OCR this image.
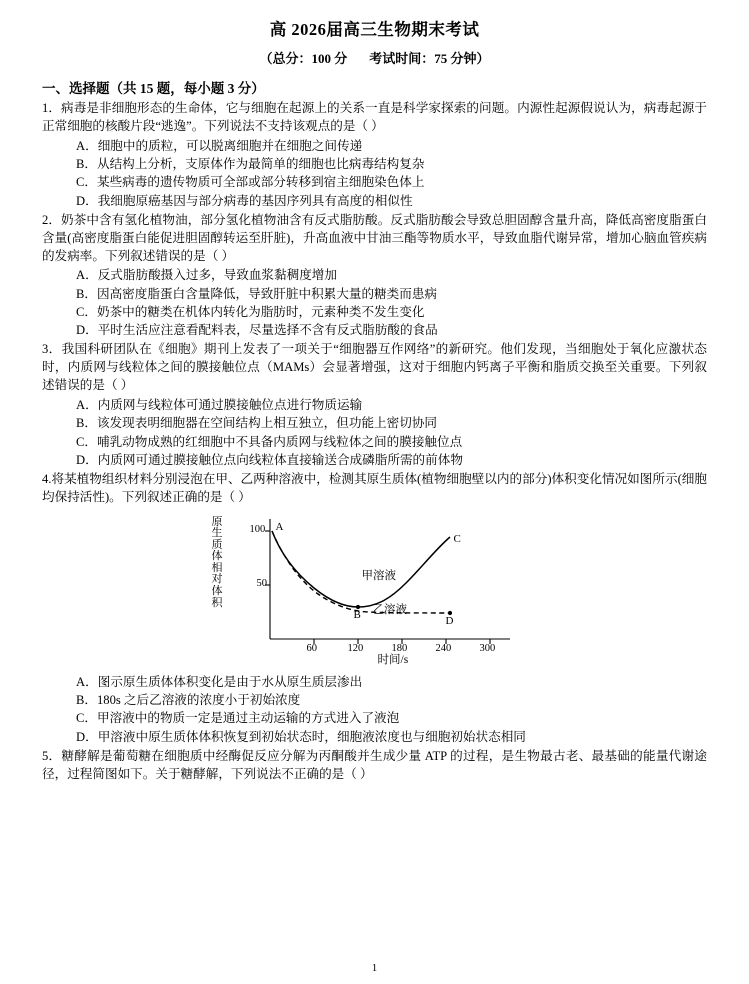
高 2026届高三生物期末考试
（总分：100 分 考试时间：75 分钟）
一、选择题（共 15 题，每小题 3 分）
1．病毒是非细胞形态的生命体，它与细胞在起源上的关系一直是科学家探索的问题。内源性起源假说认为，病毒起源于正常细胞的核酸片段“逃逸”。下列说法不支持该观点的是（ ）
A．细胞中的质粒，可以脱离细胞并在细胞之间传递
B．从结构上分析，支原体作为最简单的细胞也比病毒结构复杂
C．某些病毒的遗传物质可全部或部分转移到宿主细胞染色体上
D．我细胞原癌基因与部分病毒的基因序列具有高度的相似性
2．奶茶中含有氢化植物油，部分氢化植物油含有反式脂肪酸。反式脂肪酸会导致总胆固醇含量升高，降低高密度脂蛋白含量(高密度脂蛋白能促进胆固醇转运至肝脏)，升高血液中甘油三酯等物质水平，导致血脂代谢异常，增加心脑血管疾病的发病率。下列叙述错误的是（ ）
A．反式脂肪酸摄入过多，导致血浆黏稠度增加
B．因高密度脂蛋白含量降低，导致肝脏中积累大量的糖类而患病
C．奶茶中的糖类在机体内转化为脂肪时，元素种类不发生变化
D．平时生活应注意看配料表，尽量选择不含有反式脂肪酸的食品
3．我国科研团队在《细胞》期刊上发表了一项关于“细胞器互作网络”的新研究。他们发现，当细胞处于氧化应激状态时，内质网与线粒体之间的膜接触位点（MAMs）会显著增强，这对于细胞内钙离子平衡和脂质交换至关重要。下列叙述错误的是（ ）
A．内质网与线粒体可通过膜接触位点进行物质运输
B．该发现表明细胞器在空间结构上相互独立，但功能上密切协同
C．哺乳动物成熟的红细胞中不具备内质网与线粒体之间的膜接触位点
D．内质网可通过膜接触位点向线粒体直接输送合成磷脂所需的前体物
4.将某植物组织材料分别浸泡在甲、乙两种溶液中，检测其原生质体(植物细胞壁以内的部分)体积变化情况如图所示(细胞均保持活性)。下列叙述正确的是（ ）
原生质体相对体积
100
50
60	120	180	240	300
时间/s
甲溶液
乙溶液
A
B
C
D
A．图示原生质体体积变化是由于水从原生质层渗出
B．180s 之后乙溶液的浓度小于初始浓度
C．甲溶液中的物质一定是通过主动运输的方式进入了液泡
D．甲溶液中原生质体体积恢复到初始状态时，细胞液浓度也与细胞初始状态相同
5．糖酵解是葡萄糖在细胞质中经酶促反应分解为丙酮酸并生成少量 ATP 的过程，是生物最古老、最基础的能量代谢途径，过程简图如下。关于糖酵解，下列说法不正确的是（ ）
1
